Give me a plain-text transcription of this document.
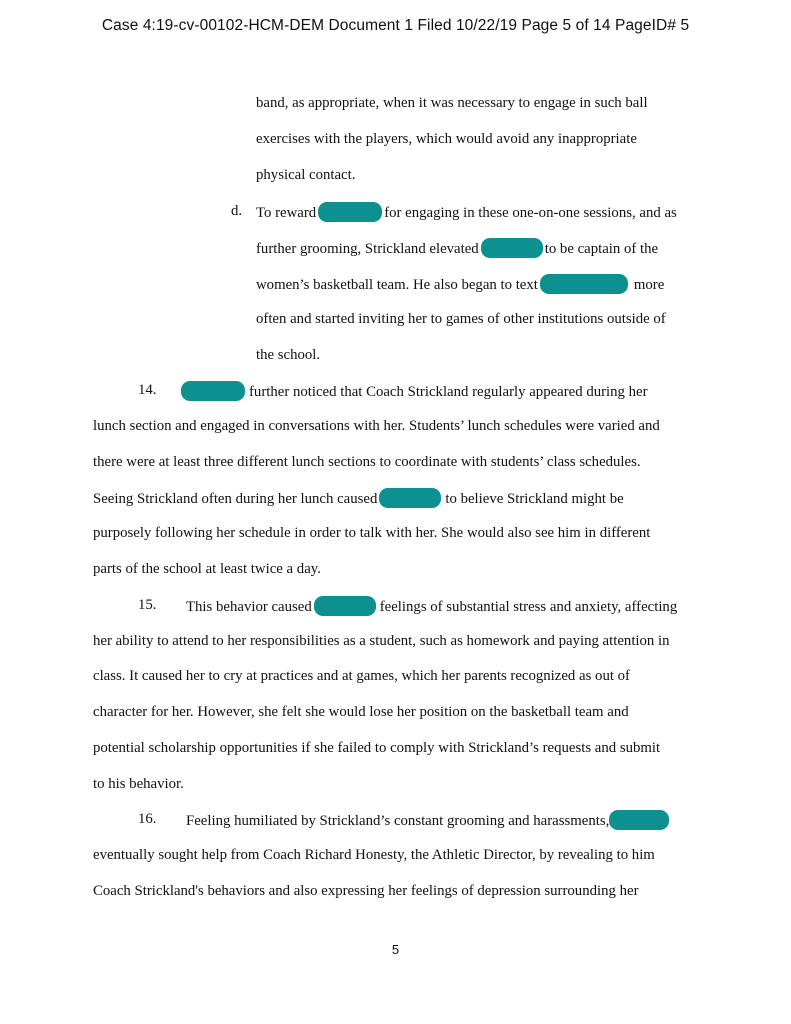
Case 4:19-cv-00102-HCM-DEM Document 1 Filed 10/22/19 Page 5 of 14 PageID# 5
band, as appropriate, when it was necessary to engage in such ball
exercises with the players, which would avoid any inappropriate
physical contact.
d. To reward	for engaging in these one-on-one sessions, and as
further grooming, Strickland elevated	to be captain of the
women’s basketball team. He also began to text	more
often and started inviting her to games of other institutions outside of
the school.
14.	further noticed that Coach Strickland regularly appeared during her
lunch section and engaged in conversations with her. Students’ lunch schedules were varied and
there were at least three different lunch sections to coordinate with students’ class schedules.
Seeing Strickland often during her lunch caused	to believe Strickland might be
purposely following her schedule in order to talk with her. She would also see him in different
parts of the school at least twice a day.
15. This behavior caused	feelings of substantial stress and anxiety, affecting
her ability to attend to her responsibilities as a student, such as homework and paying attention in
class. It caused her to cry at practices and at games, which her parents recognized as out of
character for her. However, she felt she would lose her position on the basketball team and
potential scholarship opportunities if she failed to comply with Strickland’s requests and submit
to his behavior.
16. Feeling humiliated by Strickland’s constant grooming and harassments,
eventually sought help from Coach Richard Honesty, the Athletic Director, by revealing to him
Coach Strickland's behaviors and also expressing her feelings of depression surrounding her
5
